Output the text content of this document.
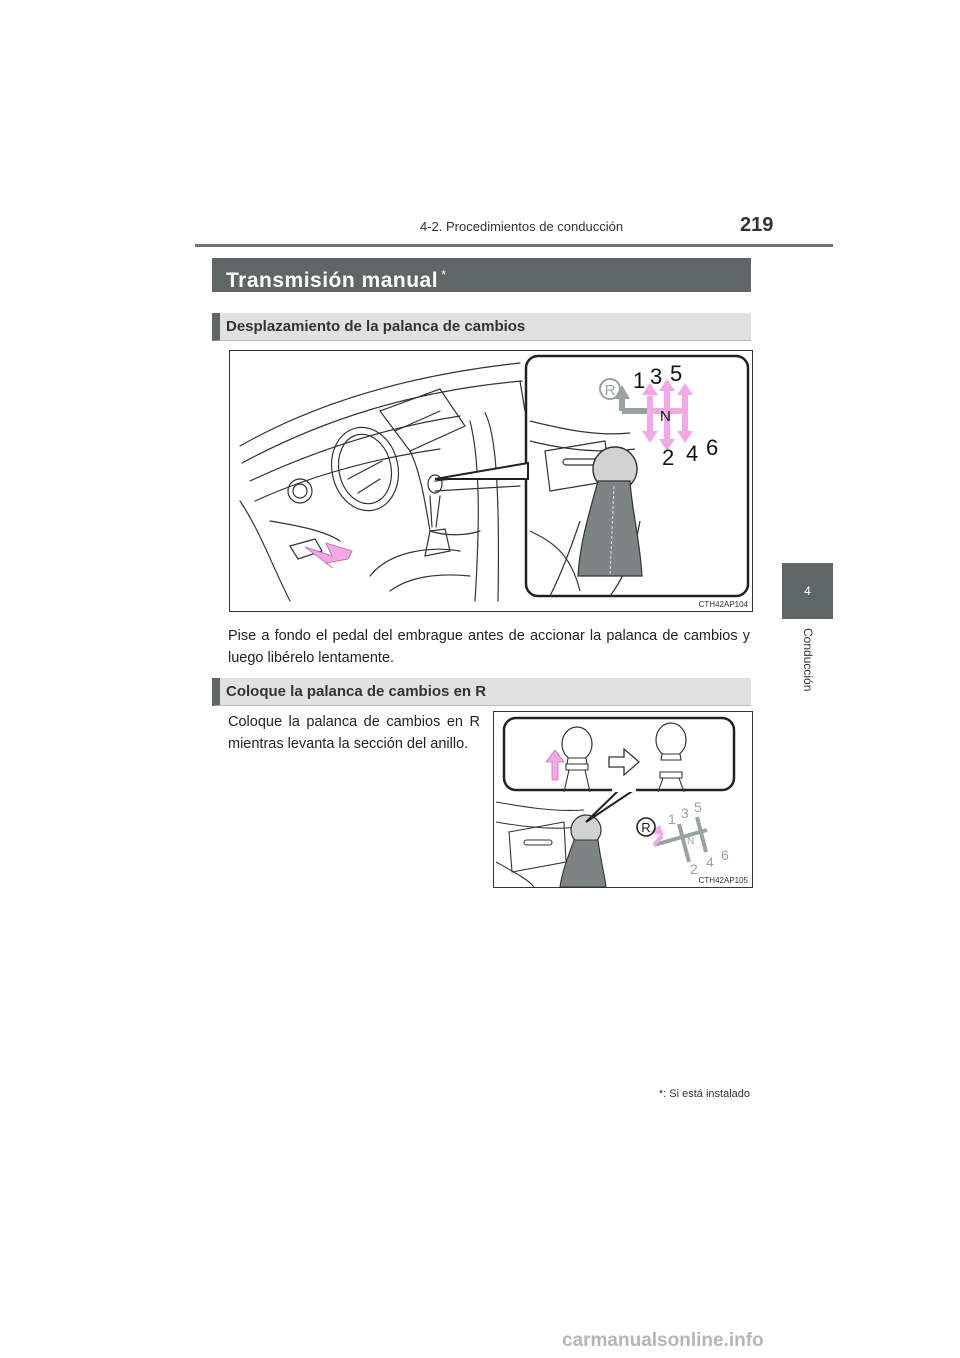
4-2. Procedimientos de conducción	219
4
Conducción
Transmisión manual *
Desplazamiento de la palanca de cambios
R 1 3 5
N
2 4 6
CTH42AP104
Pise a fondo el pedal del embrague antes de accionar la palanca de cambios y luego libérelo lentamente.
Coloque la palanca de cambios en R
Coloque la palanca de cambios en R mientras levanta la sección del anillo.
R
1 3 5
N
2 4 6
CTH42AP105
*: Si está instalado
carmanualsonline.info
